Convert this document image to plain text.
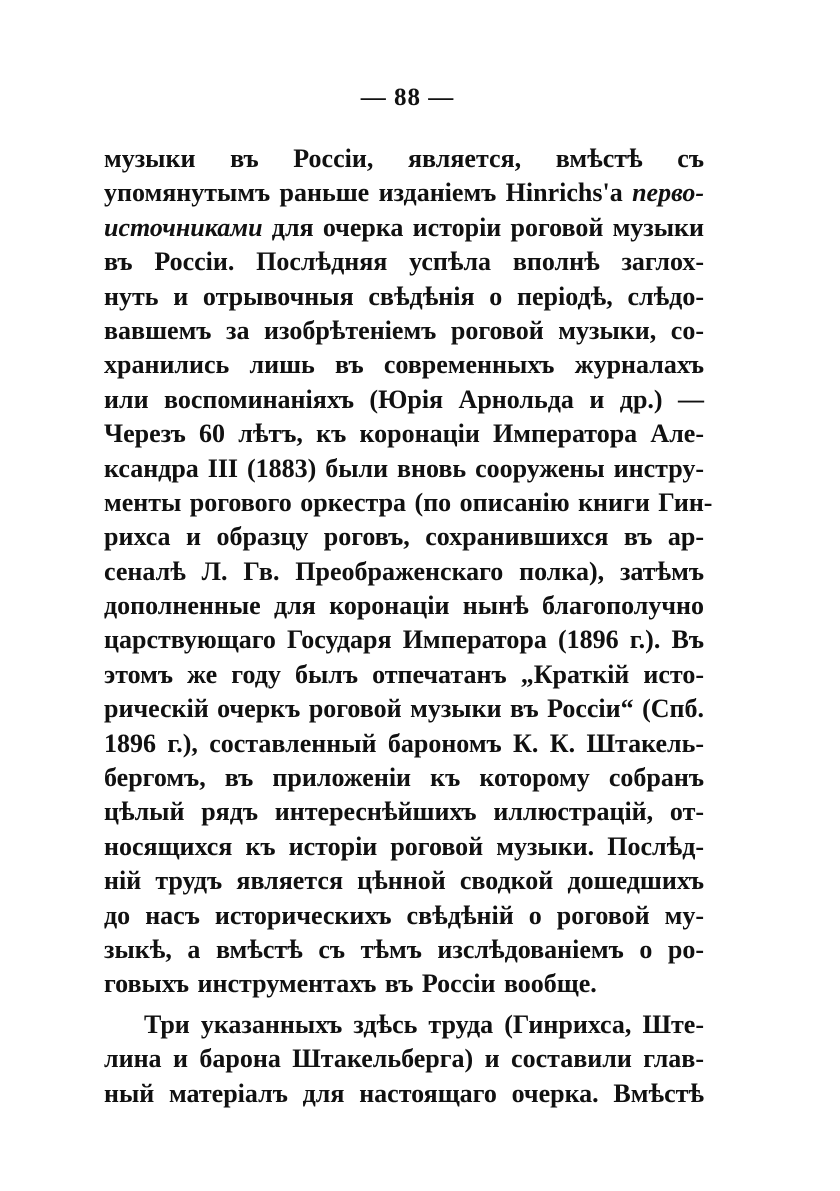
— 88 —
музыки въ Россіи, является, вмѣстѣ съ
упомянутымъ раньше изданіемъ Hinrichs'а перво-
источниками для очерка исторіи роговой музыки
въ Россіи. Послѣдняя успѣла вполнѣ заглох-
нуть и отрывочныя свѣдѣнія о періодѣ, слѣдо-
вавшемъ за изобрѣтеніемъ роговой музыки, со-
хранились лишь въ современныхъ журналахъ
или воспоминаніяхъ (Юрія Арнольда и др.) —
Черезъ 60 лѣтъ, къ коронаціи Императора Але-
ксандра III (1883) были вновь сооружены инстру-
менты рогового оркестра (по описанію книги Гин-
рихса и образцу роговъ, сохранившихся въ ар-
сеналѣ Л. Гв. Преображенскаго полка), затѣмъ
дополненные для коронаціи нынѣ благополучно
царствующаго Государя Императора (1896 г.). Въ
этомъ же году былъ отпечатанъ „Краткій исто-
рическій очеркъ роговой музыки въ Россіи“ (Спб.
1896 г.), составленный барономъ К. К. Штакель-
бергомъ, въ приложеніи къ которому собранъ
цѣлый рядъ интереснѣйшихъ иллюстрацій, от-
носящихся къ исторіи роговой музыки. Послѣд-
ній трудъ является цѣнной сводкой дошедшихъ
до насъ историческихъ свѣдѣній о роговой му-
зыкѣ, а вмѣстѣ съ тѣмъ изслѣдованіемъ о ро-
говыхъ инструментахъ въ Россіи вообще.
Три указанныхъ здѣсь труда (Гинрихса, Ште-
лина и барона Штакельберга) и составили глав-
ный матеріалъ для настоящаго очерка. Вмѣстѣ
